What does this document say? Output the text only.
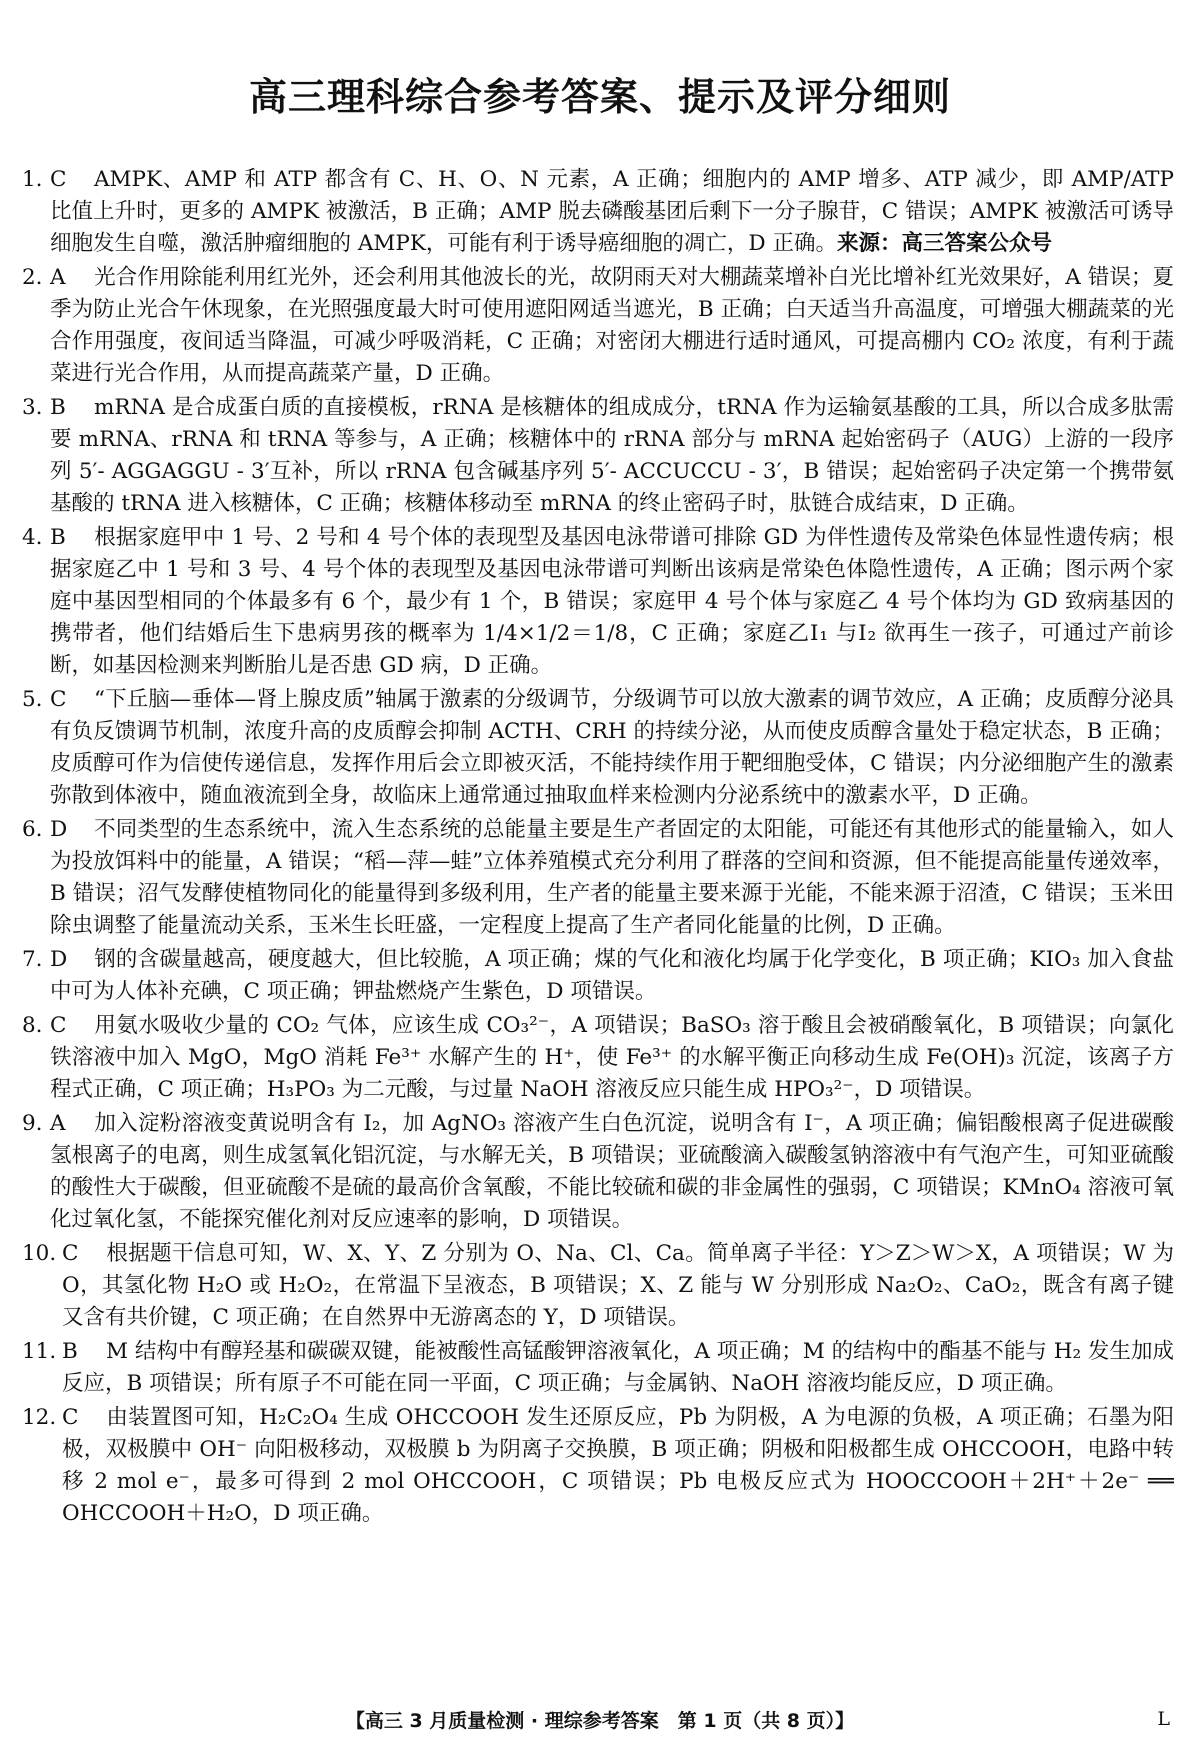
高三理科综合参考答案、提示及评分细则
1. C AMPK、AMP 和 ATP 都含有 C、H、O、N 元素，A 正确；细胞内的 AMP 增多、ATP 减少，即 AMP/ATP 比值上升时，更多的 AMPK 被激活，B 正确；AMP 脱去磷酸基团后剩下一分子腺苷，C 错误；AMPK 被激活可诱导细胞发生自噬，激活肿瘤细胞的 AMPK，可能有利于诱导癌细胞的凋亡，D 正确。来源：高三答案公众号
2. A 光合作用除能利用红光外，还会利用其他波长的光，故阴雨天对大棚蔬菜增补白光比增补红光效果好，A 错误；夏季为防止光合午休现象，在光照强度最大时可使用遮阳网适当遮光，B 正确；白天适当升高温度，可增强大棚蔬菜的光合作用强度，夜间适当降温，可减少呼吸消耗，C 正确；对密闭大棚进行适时通风，可提高棚内 CO₂ 浓度，有利于蔬菜进行光合作用，从而提高蔬菜产量，D 正确。
3. B mRNA 是合成蛋白质的直接模板，rRNA 是核糖体的组成成分，tRNA 作为运输氨基酸的工具，所以合成多肽需要 mRNA、rRNA 和 tRNA 等参与，A 正确；核糖体中的 rRNA 部分与 mRNA 起始密码子（AUG）上游的一段序列 5′- AGGAGGU - 3′互补，所以 rRNA 包含碱基序列 5′- ACCUCCU - 3′，B 错误；起始密码子决定第一个携带氨基酸的 tRNA 进入核糖体，C 正确；核糖体移动至 mRNA 的终止密码子时，肽链合成结束，D 正确。
4. B 根据家庭甲中 1 号、2 号和 4 号个体的表现型及基因电泳带谱可排除 GD 为伴性遗传及常染色体显性遗传病；根据家庭乙中 1 号和 3 号、4 号个体的表现型及基因电泳带谱可判断出该病是常染色体隐性遗传，A 正确；图示两个家庭中基因型相同的个体最多有 6 个，最少有 1 个，B 错误；家庭甲 4 号个体与家庭乙 4 号个体均为 GD 致病基因的携带者，他们结婚后生下患病男孩的概率为 1/4×1/2＝1/8，C 正确；家庭乙Ⅰ₁ 与Ⅰ₂ 欲再生一孩子，可通过产前诊断，如基因检测来判断胎儿是否患 GD 病，D 正确。
5. C “下丘脑—垂体—肾上腺皮质”轴属于激素的分级调节，分级调节可以放大激素的调节效应，A 正确；皮质醇分泌具有负反馈调节机制，浓度升高的皮质醇会抑制 ACTH、CRH 的持续分泌，从而使皮质醇含量处于稳定状态，B 正确；皮质醇可作为信使传递信息，发挥作用后会立即被灭活，不能持续作用于靶细胞受体，C 错误；内分泌细胞产生的激素弥散到体液中，随血液流到全身，故临床上通常通过抽取血样来检测内分泌系统中的激素水平，D 正确。
6. D 不同类型的生态系统中，流入生态系统的总能量主要是生产者固定的太阳能，可能还有其他形式的能量输入，如人为投放饵料中的能量，A 错误；“稻—萍—蛙”立体养殖模式充分利用了群落的空间和资源，但不能提高能量传递效率，B 错误；沼气发酵使植物同化的能量得到多级利用，生产者的能量主要来源于光能，不能来源于沼渣，C 错误；玉米田除虫调整了能量流动关系，玉米生长旺盛，一定程度上提高了生产者同化能量的比例，D 正确。
7. D 钢的含碳量越高，硬度越大，但比较脆，A 项正确；煤的气化和液化均属于化学变化，B 项正确；KIO₃ 加入食盐中可为人体补充碘，C 项正确；钾盐燃烧产生紫色，D 项错误。
8. C 用氨水吸收少量的 CO₂ 气体，应该生成 CO₃²⁻，A 项错误；BaSO₃ 溶于酸且会被硝酸氧化，B 项错误；向氯化铁溶液中加入 MgO，MgO 消耗 Fe³⁺ 水解产生的 H⁺，使 Fe³⁺ 的水解平衡正向移动生成 Fe(OH)₃ 沉淀，该离子方程式正确，C 项正确；H₃PO₃ 为二元酸，与过量 NaOH 溶液反应只能生成 HPO₃²⁻，D 项错误。
9. A 加入淀粉溶液变黄说明含有 I₂，加 AgNO₃ 溶液产生白色沉淀，说明含有 I⁻，A 项正确；偏铝酸根离子促进碳酸氢根离子的电离，则生成氢氧化铝沉淀，与水解无关，B 项错误；亚硫酸滴入碳酸氢钠溶液中有气泡产生，可知亚硫酸的酸性大于碳酸，但亚硫酸不是硫的最高价含氧酸，不能比较硫和碳的非金属性的强弱，C 项错误；KMnO₄ 溶液可氧化过氧化氢，不能探究催化剂对反应速率的影响，D 项错误。
10. C 根据题干信息可知，W、X、Y、Z 分别为 O、Na、Cl、Ca。简单离子半径：Y＞Z＞W＞X，A 项错误；W 为 O，其氢化物 H₂O 或 H₂O₂，在常温下呈液态，B 项错误；X、Z 能与 W 分别形成 Na₂O₂、CaO₂，既含有离子键又含有共价键，C 项正确；在自然界中无游离态的 Y，D 项错误。
11. B M 结构中有醇羟基和碳碳双键，能被酸性高锰酸钾溶液氧化，A 项正确；M 的结构中的酯基不能与 H₂ 发生加成反应，B 项错误；所有原子不可能在同一平面，C 项正确；与金属钠、NaOH 溶液均能反应，D 项正确。
12. C 由装置图可知，H₂C₂O₄ 生成 OHCCOOH 发生还原反应，Pb 为阴极，A 为电源的负极，A 项正确；石墨为阳极，双极膜中 OH⁻ 向阳极移动，双极膜 b 为阴离子交换膜，B 项正确；阴极和阳极都生成 OHCCOOH，电路中转移 2 mol e⁻，最多可得到 2 mol OHCCOOH，C 项错误；Pb 电极反应式为 HOOCCOOH＋2H⁺＋2e⁻ ══ OHCCOOH＋H₂O，D 项正确。
【高三 3 月质量检测 · 理综参考答案　第 1 页（共 8 页）】	L
